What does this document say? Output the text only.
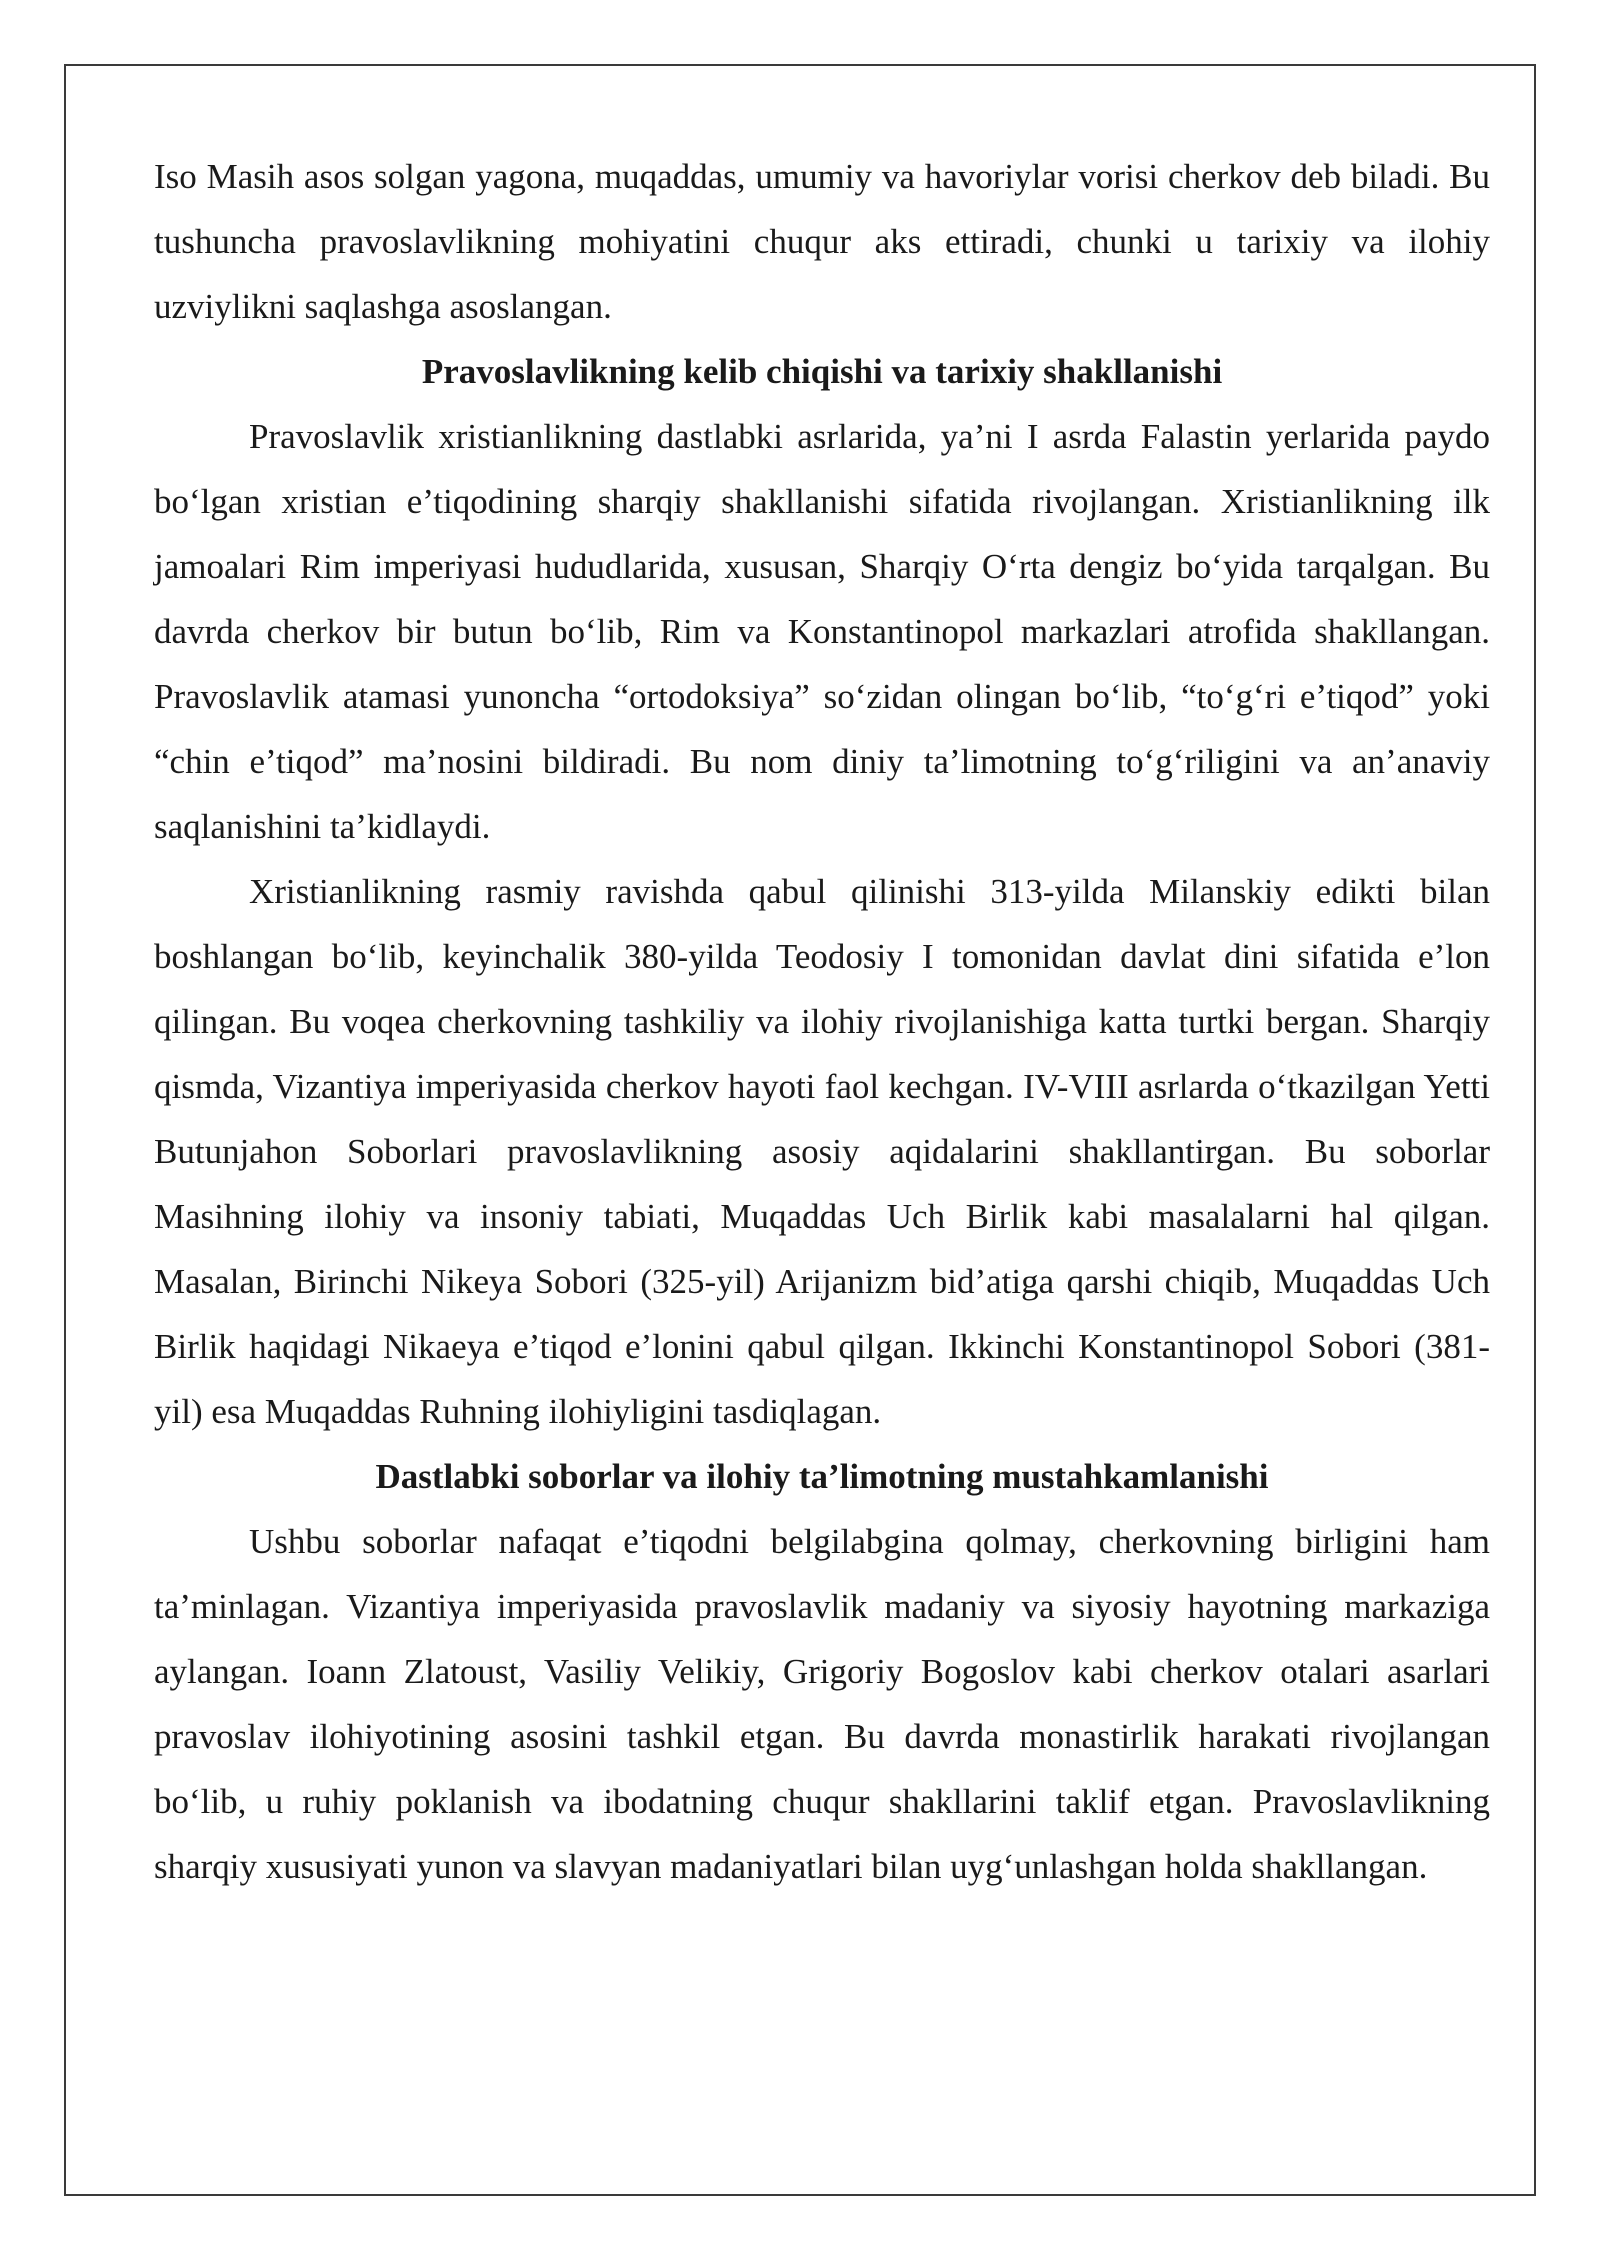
Iso Masih asos solgan yagona, muqaddas, umumiy va havoriylar vorisi cherkov deb biladi. Bu tushuncha pravoslavlikning mohiyatini chuqur aks ettiradi, chunki u tarixiy va ilohiy uzviylikni saqlashga asoslangan.

Pravoslavlikning kelib chiqishi va tarixiy shakllanishi

Pravoslavlik xristianlikning dastlabki asrlarida, ya’ni I asrda Falastin yerlarida paydo bo‘lgan xristian e’tiqodining sharqiy shakllanishi sifatida rivojlangan. Xristianlikning ilk jamoalari Rim imperiyasi hududlarida, xususan, Sharqiy O‘rta dengiz bo‘yida tarqalgan. Bu davrda cherkov bir butun bo‘lib, Rim va Konstantinopol markazlari atrofida shakllangan. Pravoslavlik atamasi yunoncha “ortodoksiya” so‘zidan olingan bo‘lib, “to‘g‘ri e’tiqod” yoki “chin e’tiqod” ma’nosini bildiradi. Bu nom diniy ta’limotning to‘g‘riligini va an’anaviy saqlanishini ta’kidlaydi.

Xristianlikning rasmiy ravishda qabul qilinishi 313-yilda Milanskiy edikti bilan boshlangan bo‘lib, keyinchalik 380-yilda Teodosiy I tomonidan davlat dini sifatida e’lon qilingan. Bu voqea cherkovning tashkiliy va ilohiy rivojlanishiga katta turtki bergan. Sharqiy qismda, Vizantiya imperiyasida cherkov hayoti faol kechgan. IV-VIII asrlarda o‘tkazilgan Yetti Butunjahon Soborlari pravoslavlikning asosiy aqidalarini shakllantirgan. Bu soborlar Masihning ilohiy va insoniy tabiati, Muqaddas Uch Birlik kabi masalalarni hal qilgan. Masalan, Birinchi Nikeya Sobori (325-yil) Arijanizm bid’atiga qarshi chiqib, Muqaddas Uch Birlik haqidagi Nikaeya e’tiqod e’lonini qabul qilgan. Ikkinchi Konstantinopol Sobori (381-yil) esa Muqaddas Ruhning ilohiyligini tasdiqlagan.

Dastlabki soborlar va ilohiy ta’limotning mustahkamlanishi

Ushbu soborlar nafaqat e’tiqodni belgilabgina qolmay, cherkovning birligini ham ta’minlagan. Vizantiya imperiyasida pravoslavlik madaniy va siyosiy hayotning markaziga aylangan. Ioann Zlatoust, Vasiliy Velikiy, Grigoriy Bogoslov kabi cherkov otalari asarlari pravoslav ilohiyotining asosini tashkil etgan. Bu davrda monastirlik harakati rivojlangan bo‘lib, u ruhiy poklanish va ibodatning chuqur shakllarini taklif etgan. Pravoslavlikning sharqiy xususiyati yunon va slavyan madaniyatlari bilan uyg‘unlashgan holda shakllangan.
